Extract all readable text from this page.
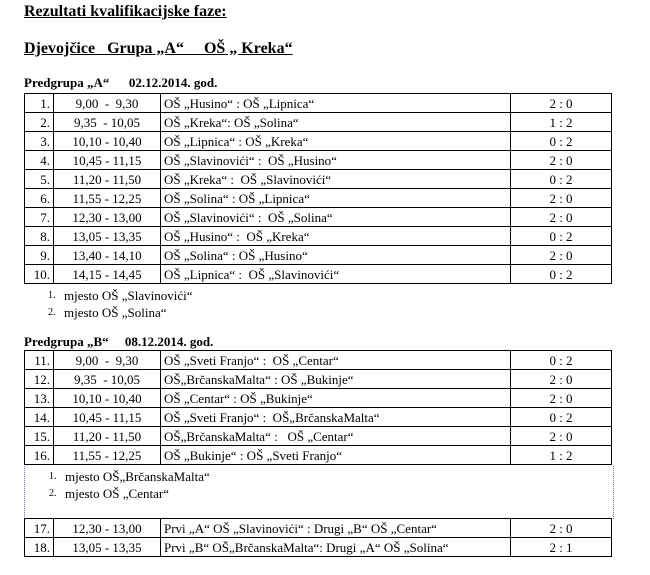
Rezultati kvalifikacijske faze:
Djevojčice   Grupa „A“     OŠ „ Kreka“
Predgrupa „A“      02.12.2014. god.
1.	9,00  -  9,30	OŠ „Husino“ : OŠ „Lipnica“	2 : 0
2.	9,35  - 10,05	OŠ „Kreka“: OŠ „Solina“	1 : 2
3.	10,10 - 10,40	OŠ „Lipnica“ : OŠ „Kreka“	0 : 2
4.	10,45 - 11,15	OŠ „Slavinovići“ :  OŠ „Husino“	2 : 0
5.	11,20 - 11,50	OŠ „Kreka“ :  OŠ „Slavinovići“	0 : 2
6.	11,55 - 12,25	OŠ „Solina“ : OŠ „Lipnica“	2 : 0
7.	12,30 - 13,00	OŠ „Slavinovići“ :  OŠ „Solina“	2 : 0
8.	13,05 - 13,35	OŠ „Husino“ :  OŠ „Kreka“	0 : 2
9.	13,40 - 14,10	OŠ „Solina“ : OŠ „Husino“	2 : 0
10.	14,15 - 14,45	OŠ „Lipnica“ :  OŠ „Slavinovići“	0 : 2
1. mjesto OŠ „Slavinovići“
2. mjesto OŠ „Solina“
Predgrupa „B“     08.12.2014. god.
11.	9,00  -  9,30	OŠ „Sveti Franjo“ :  OŠ „Centar“	0 : 2
12.	9,35  - 10,05	OŠ„BrčanskaMalta“ : OŠ „Bukinje“	2 : 0
13.	10,10 - 10,40	OŠ „Centar“ : OŠ „Bukinje“	2 : 0
14.	10,45 - 11,15	OŠ „Sveti Franjo“ :  OŠ„BrčanskaMalta“	0 : 2
15.	11,20 - 11,50	OŠ„BrčanskaMalta“ :   OŠ „Centar“	2 : 0
16.	11,55 - 12,25	OŠ „Bukinje“ : OŠ „Sveti Franjo“	1 : 2
1. mjesto OŠ„BrčanskaMalta“
2. mjesto OŠ „Centar“
17.	12,30 - 13,00	Prvi „A“ OŠ „Slavinovići“ : Drugi „B“ OŠ „Centar“	2 : 0
18.	13,05 - 13,35	Prvi „B“ OŠ„BrčanskaMalta“: Drugi „A“ OŠ „Solina“	2 : 1
